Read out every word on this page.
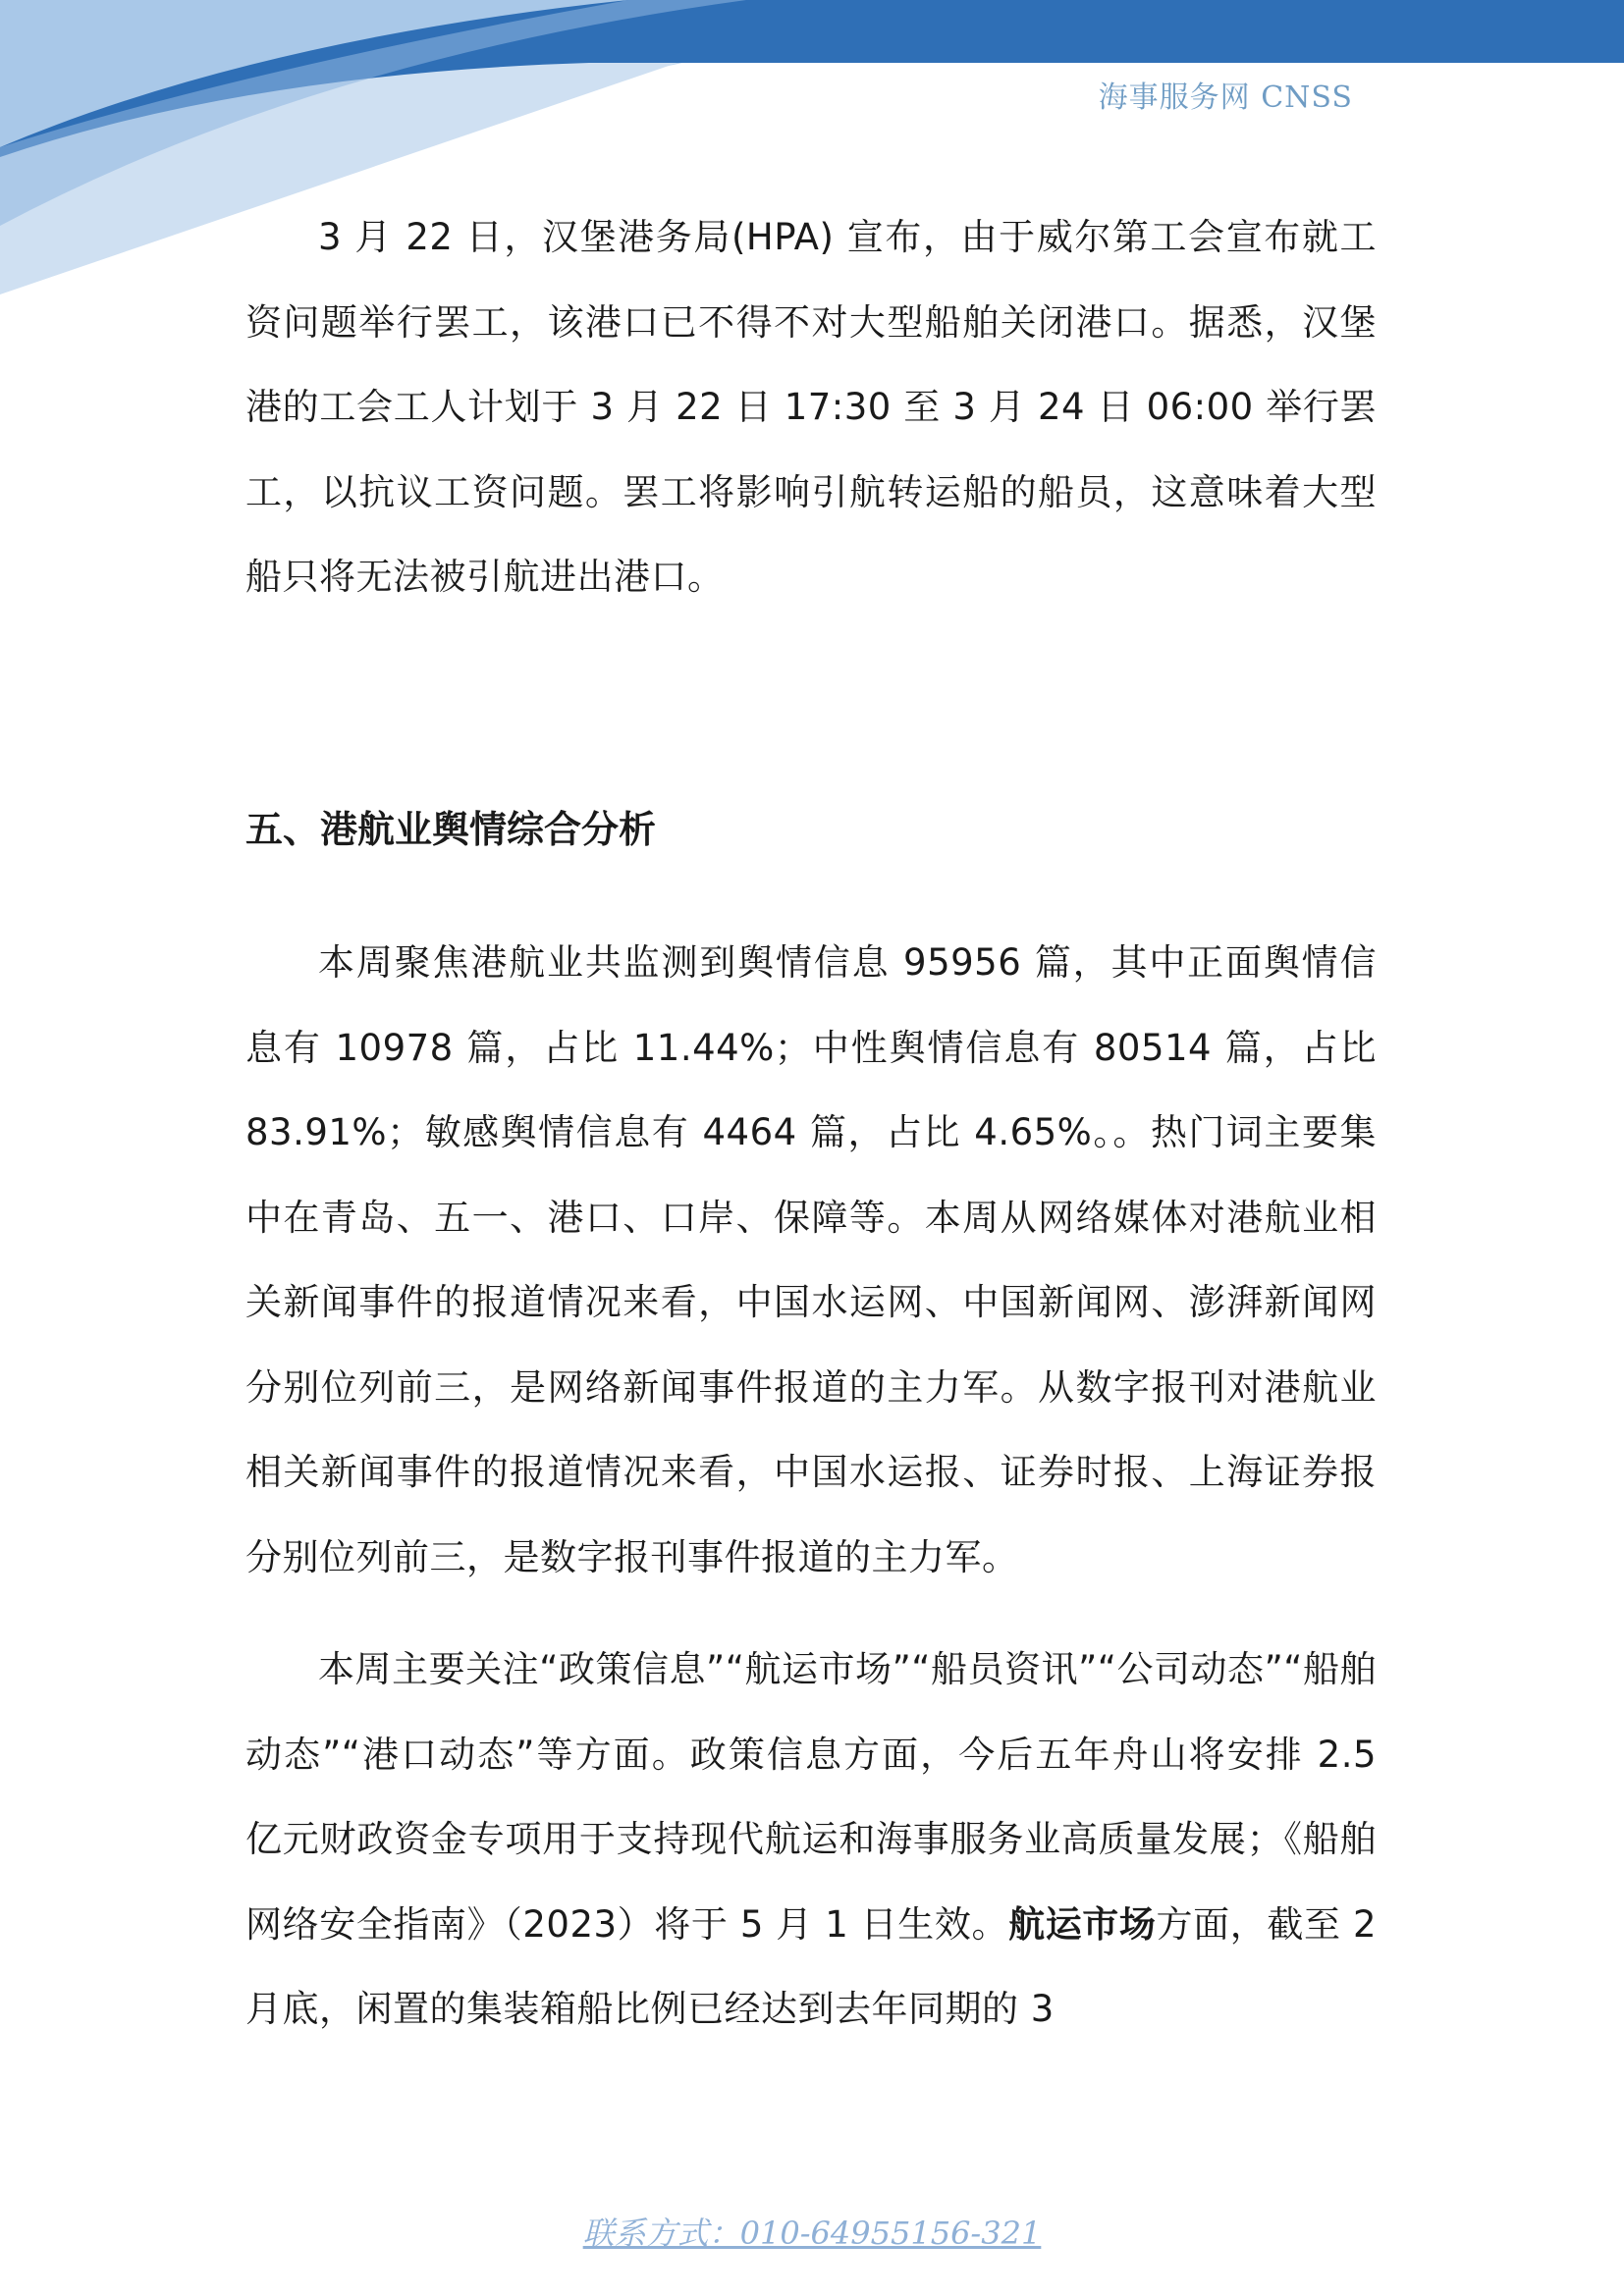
海事服务网 CNSS

3 月 22 日，汉堡港务局(HPA) 宣布，由于威尔第工会宣布就工资问题举行罢工，该港口已不得不对大型船舶关闭港口。据悉，汉堡港的工会工人计划于 3 月 22 日 17:30 至 3 月 24 日 06:00 举行罢工，以抗议工资问题。罢工将影响引航转运船的船员，这意味着大型船只将无法被引航进出港口。

五、港航业舆情综合分析

本周聚焦港航业共监测到舆情信息 95956 篇，其中正面舆情信息有 10978 篇，占比 11.44%；中性舆情信息有 80514 篇，占比 83.91%；敏感舆情信息有 4464 篇，占比 4.65%。。热门词主要集中在青岛、五一、港口、口岸、保障等。本周从网络媒体对港航业相关新闻事件的报道情况来看，中国水运网、中国新闻网、澎湃新闻网分别位列前三，是网络新闻事件报道的主力军。从数字报刊对港航业相关新闻事件的报道情况来看，中国水运报、证券时报、上海证券报分别位列前三，是数字报刊事件报道的主力军。

本周主要关注“政策信息”“航运市场”“船员资讯”“公司动态”“船舶动态”“港口动态”等方面。政策信息方面，今后五年舟山将安排 2.5 亿元财政资金专项用于支持现代航运和海事服务业高质量发展；《船舶网络安全指南》（2023）将于 5 月 1 日生效。航运市场方面，截至 2 月底，闲置的集装箱船比例已经达到去年同期的 3

联系方式：010-64955156-321
